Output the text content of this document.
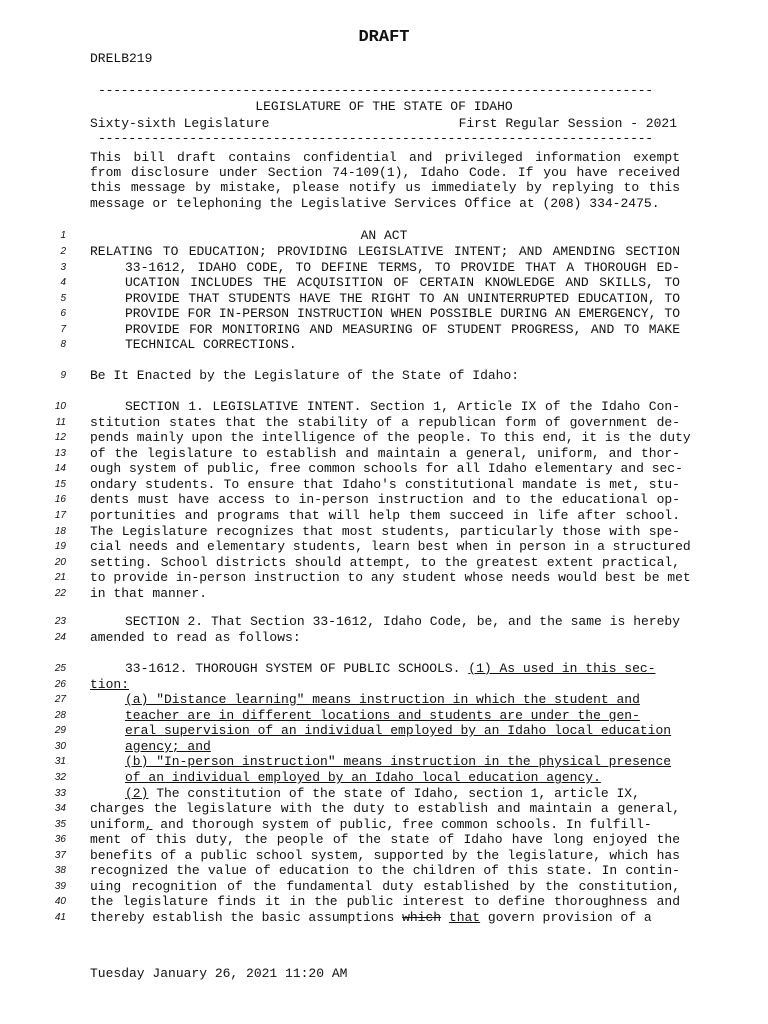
DRAFT
DRELB219
-------------------------------------------------------------------------
LEGISLATURE OF THE STATE OF IDAHO
Sixty-sixth Legislature	First Regular Session - 2021
-------------------------------------------------------------------------
This bill draft contains confidential and privileged information exempt
from disclosure under Section 74-109(1), Idaho Code. If you have received
this message by mistake, please notify us immediately by replying to this
message or telephoning the Legislative Services Office at (208) 334-2475.
1
2
3
4
5
6
7
8
9
10
11
12
13
14
15
16
17
18
19
20
21
22
23
24
25
26
27
28
29
30
31
32
33
34
35
36
37
38
39
40
41
AN ACT
RELATING TO EDUCATION; PROVIDING LEGISLATIVE INTENT; AND AMENDING SECTION
33-1612, IDAHO CODE, TO DEFINE TERMS, TO PROVIDE THAT A THOROUGH ED-
UCATION INCLUDES THE ACQUISITION OF CERTAIN KNOWLEDGE AND SKILLS, TO
PROVIDE THAT STUDENTS HAVE THE RIGHT TO AN UNINTERRUPTED EDUCATION, TO
PROVIDE FOR IN-PERSON INSTRUCTION WHEN POSSIBLE DURING AN EMERGENCY, TO
PROVIDE FOR MONITORING AND MEASURING OF STUDENT PROGRESS, AND TO MAKE
TECHNICAL CORRECTIONS.
Be It Enacted by the Legislature of the State of Idaho:
SECTION 1. LEGISLATIVE INTENT. Section 1, Article IX of the Idaho Con-
stitution states that the stability of a republican form of government de-
pends mainly upon the intelligence of the people. To this end, it is the duty
of the legislature to establish and maintain a general, uniform, and thor-
ough system of public, free common schools for all Idaho elementary and sec-
ondary students. To ensure that Idaho's constitutional mandate is met, stu-
dents must have access to in-person instruction and to the educational op-
portunities and programs that will help them succeed in life after school.
The Legislature recognizes that most students, particularly those with spe-
cial needs and elementary students, learn best when in person in a structured
setting. School districts should attempt, to the greatest extent practical,
to provide in-person instruction to any student whose needs would best be met
in that manner.
SECTION 2. That Section 33-1612, Idaho Code, be, and the same is hereby
amended to read as follows:
33-1612. THOROUGH SYSTEM OF PUBLIC SCHOOLS. (1) As used in this sec-
tion:
(a) "Distance learning" means instruction in which the student and
teacher are in different locations and students are under the gen-
eral supervision of an individual employed by an Idaho local education
agency; and
(b) "In-person instruction" means instruction in the physical presence
of an individual employed by an Idaho local education agency.
(2) The constitution of the state of Idaho, section 1, article IX,
charges the legislature with the duty to establish and maintain a general,
uniform, and thorough system of public, free common schools. In fulfill-
ment of this duty, the people of the state of Idaho have long enjoyed the
benefits of a public school system, supported by the legislature, which has
recognized the value of education to the children of this state. In contin-
uing recognition of the fundamental duty established by the constitution,
the legislature finds it in the public interest to define thoroughness and
thereby establish the basic assumptions which that govern provision of a
Tuesday January 26, 2021 11:20 AM
